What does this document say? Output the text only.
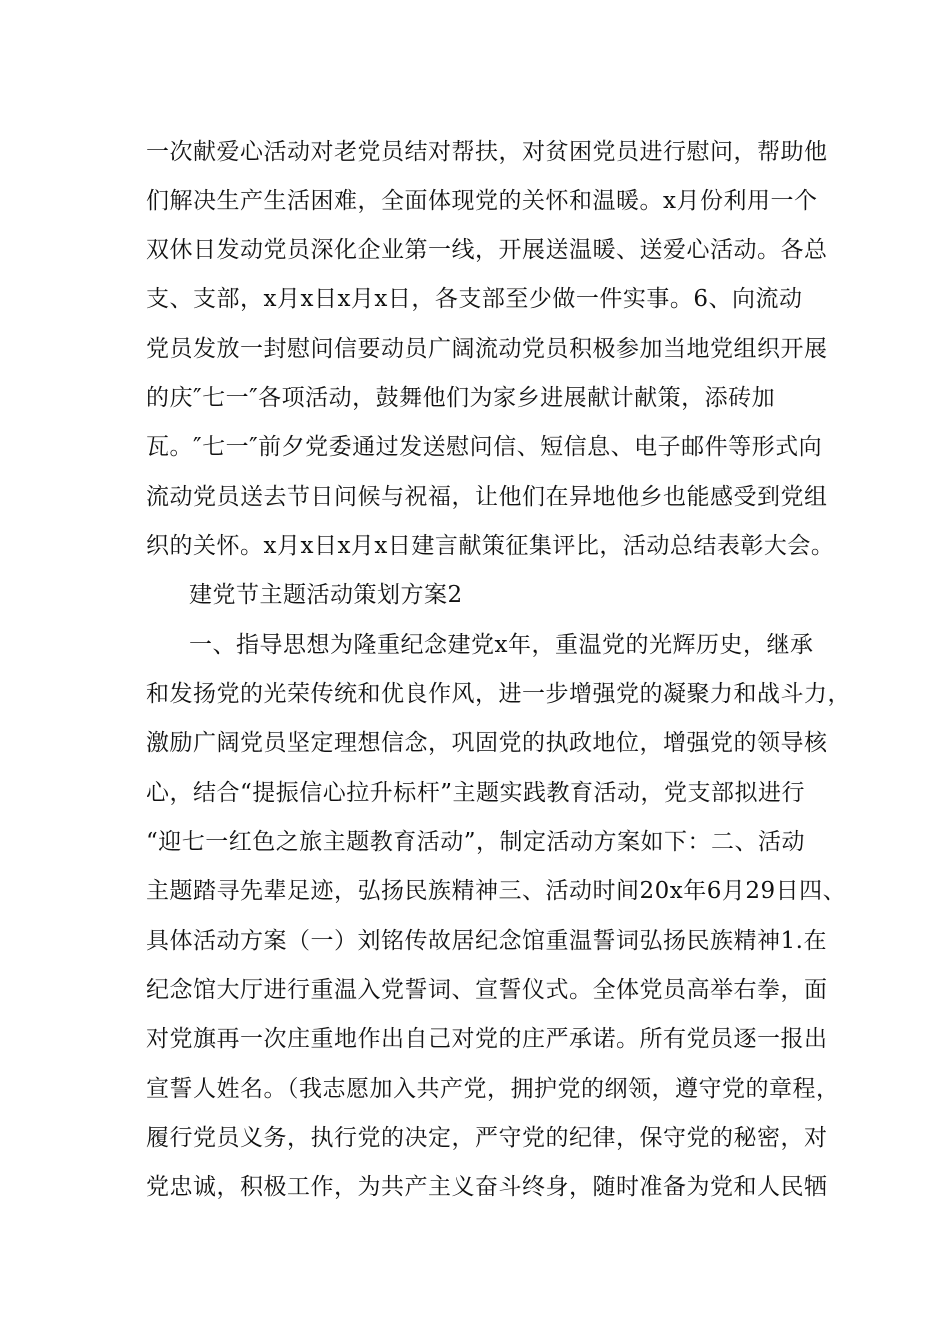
一次献爱心活动对老党员结对帮扶，对贫困党员进行慰问，帮助他
们解决生产生活困难，全面体现党的关怀和温暖。x月份利用一个
双休日发动党员深化企业第一线，开展送温暖、送爱心活动。各总
支、支部，x月x日x月x日，各支部至少做一件实事。6、向流动
党员发放一封慰问信要动员广阔流动党员积极参加当地党组织开展
的庆″七一″各项活动，鼓舞他们为家乡进展献计献策，添砖加
瓦。″七一″前夕党委通过发送慰问信、短信息、电子邮件等形式向
流动党员送去节日问候与祝福，让他们在异地他乡也能感受到党组
织的关怀。x月x日x月x日建言献策征集评比，活动总结表彰大会。
建党节主题活动策划方案2
一、指导思想为隆重纪念建党x年，重温党的光辉历史，继承
和发扬党的光荣传统和优良作风，进一步增强党的凝聚力和战斗力，
激励广阔党员坚定理想信念，巩固党的执政地位，增强党的领导核
心，结合“提振信心拉升标杆”主题实践教育活动，党支部拟进行
“迎七一红色之旅主题教育活动”，制定活动方案如下：二、活动
主题踏寻先辈足迹，弘扬民族精神三、活动时间20x年6月29日四、
具体活动方案（一）刘铭传故居纪念馆重温誓词弘扬民族精神1.在
纪念馆大厅进行重温入党誓词、宣誓仪式。全体党员高举右拳，面
对党旗再一次庄重地作出自己对党的庄严承诺。所有党员逐一报出
宣誓人姓名。（我志愿加入共产党，拥护党的纲领，遵守党的章程，
履行党员义务，执行党的决定，严守党的纪律，保守党的秘密，对
党忠诚，积极工作，为共产主义奋斗终身，随时准备为党和人民牺
